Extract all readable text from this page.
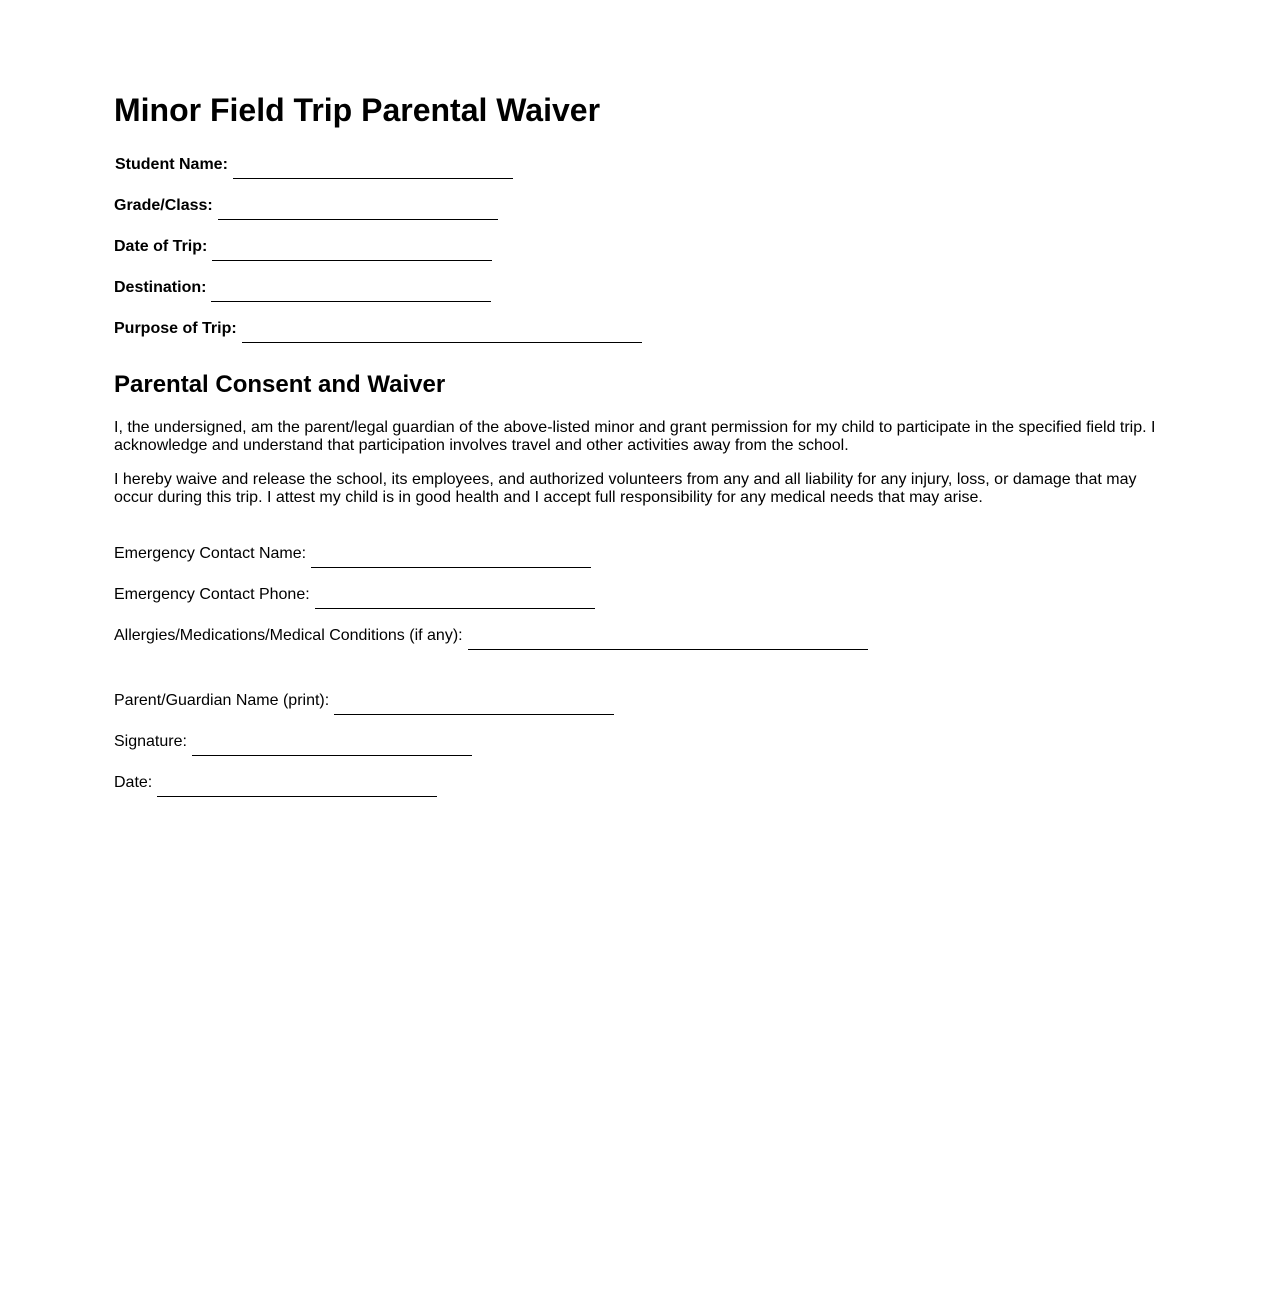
Minor Field Trip Parental Waiver
Student Name:
Grade/Class:
Date of Trip:
Destination:
Purpose of Trip:
Parental Consent and Waiver

I, the undersigned, am the parent/legal guardian of the above-listed minor and grant permission for my child to participate in the specified field trip. I acknowledge and understand that participation involves travel and other activities away from the school.

I hereby waive and release the school, its employees, and authorized volunteers from any and all liability for any injury, loss, or damage that may occur during this trip. I attest my child is in good health and I accept full responsibility for any medical needs that may arise.

Emergency Contact Name:
Emergency Contact Phone:
Allergies/Medications/Medical Conditions (if any):
Parent/Guardian Name (print):
Signature:
Date:
